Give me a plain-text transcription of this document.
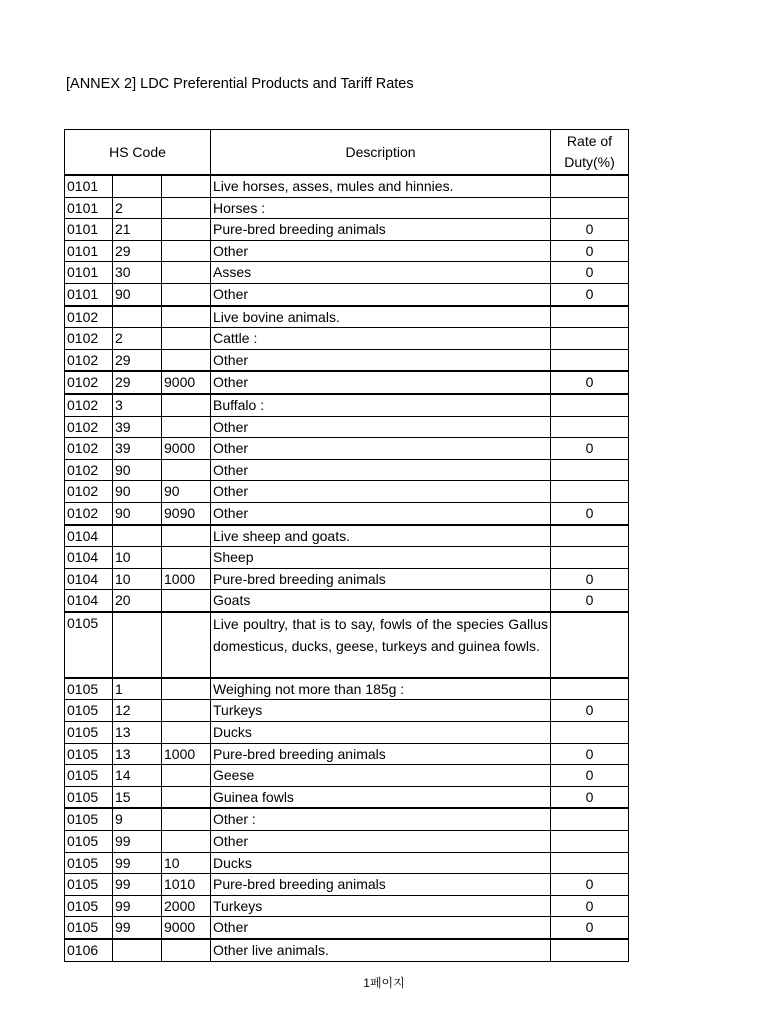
[ANNEX 2] LDC Preferential Products and Tariff Rates
HS Code			Description	Rate of Duty(%)
0101			Live horses, asses, mules and hinnies.	
0101	2		Horses :	
0101	21		Pure-bred breeding animals	0
0101	29		Other	0
0101	30		Asses	0
0101	90		Other	0
0102			Live bovine animals.	
0102	2		Cattle :	
0102	29		Other	
0102	29	9000	Other	0
0102	3		Buffalo :	
0102	39		Other	
0102	39	9000	Other	0
0102	90		Other	
0102	90	90	Other	
0102	90	9090	Other	0
0104			Live sheep and goats.	
0104	10		Sheep	
0104	10	1000	Pure-bred breeding animals	0
0104	20		Goats	0
0105			Live poultry, that is to say, fowls of the species Gallus domesticus, ducks, geese, turkeys and guinea fowls.	
0105	1		Weighing not more than 185g :	
0105	12		Turkeys	0
0105	13		Ducks	
0105	13	1000	Pure-bred breeding animals	0
0105	14		Geese	0
0105	15		Guinea fowls	0
0105	9		Other :	
0105	99		Other	
0105	99	10	Ducks	
0105	99	1010	Pure-bred breeding animals	0
0105	99	2000	Turkeys	0
0105	99	9000	Other	0
0106			Other live animals.	
1페이지
